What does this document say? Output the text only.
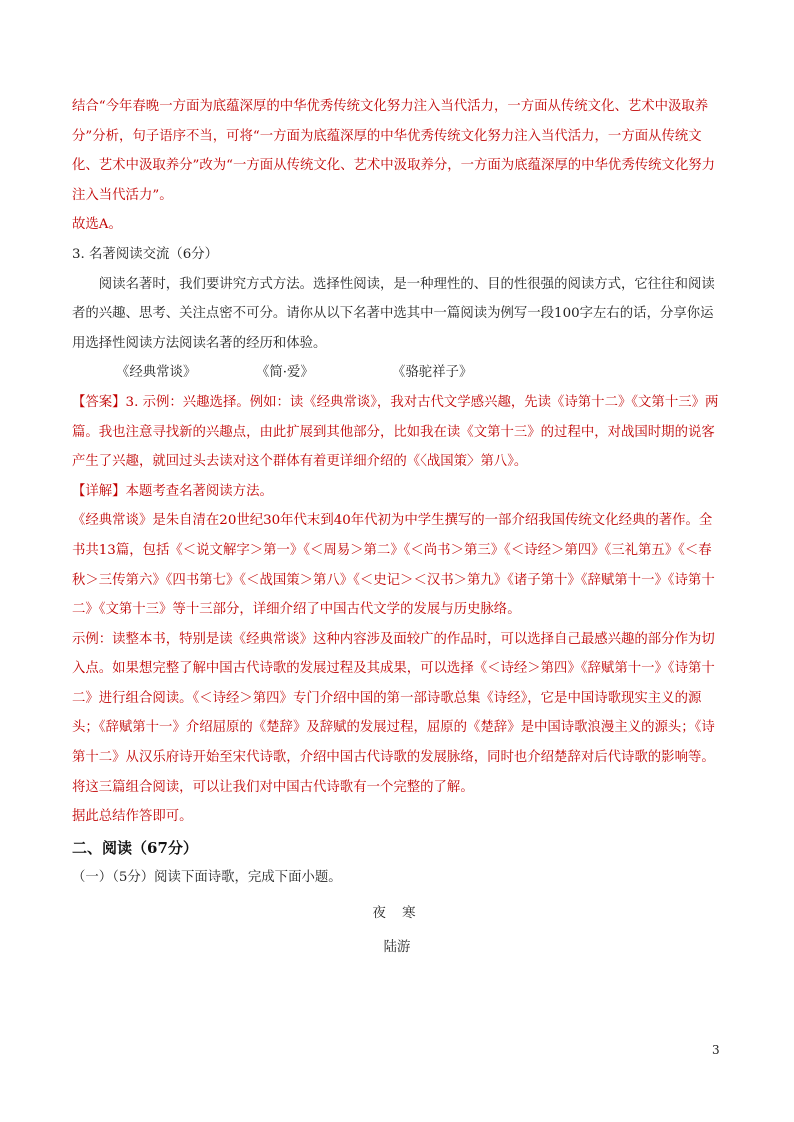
结合“今年春晚一方面为底蕴深厚的中华优秀传统文化努力注入当代活力，一方面从传统文化、艺术中汲取养分”分析，句子语序不当，可将“一方面为底蕴深厚的中华优秀传统文化努力注入当代活力，一方面从传统文化、艺术中汲取养分”改为“一方面从传统文化、艺术中汲取养分，一方面为底蕴深厚的中华优秀传统文化努力注入当代活力”。

故选A。

3. 名著阅读交流（6分）

阅读名著时，我们要讲究方式方法。选择性阅读，是一种理性的、目的性很强的阅读方式，它往往和阅读者的兴趣、思考、关注点密不可分。请你从以下名著中选其中一篇阅读为例写一段100字左右的话，分享你运用选择性阅读方法阅读名著的经历和体验。

《经典常谈》	《简·爱》	《骆驼祥子》

【答案】3. 示例：兴趣选择。例如：读《经典常谈》，我对古代文学感兴趣，先读《诗第十二》《文第十三》两篇。我也注意寻找新的兴趣点，由此扩展到其他部分，比如我在读《文第十三》的过程中，对战国时期的说客产生了兴趣，就回过头去读对这个群体有着更详细介绍的《〈战国策〉第八》。

【详解】本题考查名著阅读方法。

《经典常谈》是朱自清在20世纪30年代末到40年代初为中学生撰写的一部介绍我国传统文化经典的著作。全书共13篇，包括《＜说文解字＞第一》《＜周易＞第二》《＜尚书＞第三》《＜诗经＞第四》《三礼第五》《＜春秋＞三传第六》《四书第七》《＜战国策＞第八》《＜史记＞＜汉书＞第九》《诸子第十》《辞赋第十一》《诗第十二》《文第十三》等十三部分，详细介绍了中国古代文学的发展与历史脉络。

示例：读整本书，特别是读《经典常谈》这种内容涉及面较广的作品时，可以选择自己最感兴趣的部分作为切入点。如果想完整了解中国古代诗歌的发展过程及其成果，可以选择《＜诗经＞第四》《辞赋第十一》《诗第十二》进行组合阅读。《＜诗经＞第四》专门介绍中国的第一部诗歌总集《诗经》，它是中国诗歌现实主义的源头；《辞赋第十一》介绍屈原的《楚辞》及辞赋的发展过程，屈原的《楚辞》是中国诗歌浪漫主义的源头；《诗第十二》从汉乐府诗开始至宋代诗歌，介绍中国古代诗歌的发展脉络，同时也介绍楚辞对后代诗歌的影响等。将这三篇组合阅读，可以让我们对中国古代诗歌有一个完整的了解。

据此总结作答即可。

二、阅读（67分）

（一）（5分）阅读下面诗歌，完成下面小题。

夜 寒

陆游

3
